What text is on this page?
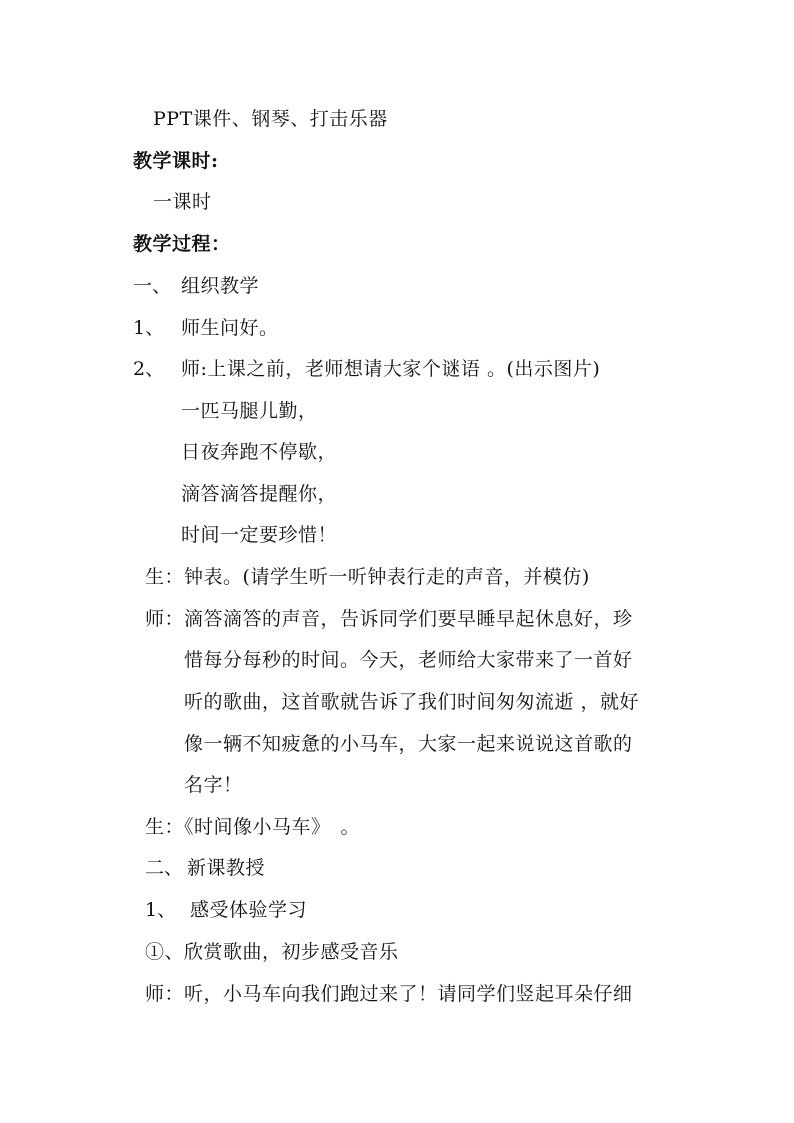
PPT课件、钢琴、打击乐器
教学课时:
一课时
教学过程：
一、 组织教学
1、 师生问好。
2、 师:上课之前，老师想请大家个谜语 。(出示图片)
一匹马腿儿勤，
日夜奔跑不停歇，
滴答滴答提醒你，
时间一定要珍惜！
生：钟表。(请学生听一听钟表行走的声音，并模仿)
师： 滴答滴答的声音，告诉同学们要早睡早起休息好，珍
惜每分每秒的时间。今天，老师给大家带来了一首好
听的歌曲，这首歌就告诉了我们时间匆匆流逝 ，就好
像一辆不知疲惫的小马车，大家一起来说说这首歌的
名字！
生：《时间像小马车》　。
二、 新课教授
1、 感受体验学习
①、欣赏歌曲，初步感受音乐
师：听，小马车向我们跑过来了！请同学们竖起耳朵仔细
